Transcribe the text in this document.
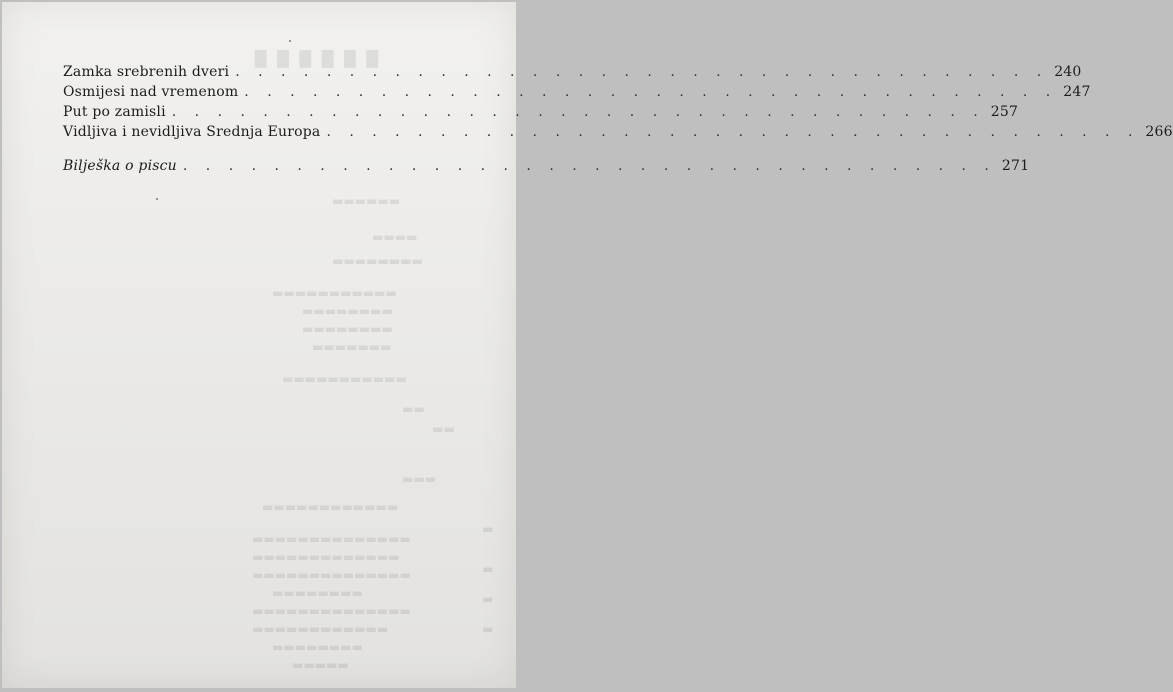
█ █ █ █ █ █
▬▬▬▬▬▬
▬▬▬▬
▬▬▬▬▬▬▬▬
▬▬▬▬▬▬▬▬▬▬▬
▬▬▬▬▬▬▬▬
▬▬▬▬▬▬▬▬
▬▬▬▬▬▬▬
▬▬▬▬▬▬▬▬▬▬▬
▬▬
▬▬
▬▬▬
▬▬▬▬▬▬▬▬▬▬▬▬
▬▬▬▬▬▬▬▬▬▬▬▬▬▬
▬▬▬▬▬▬▬▬▬▬▬▬▬
▬▬▬▬▬▬▬▬▬▬▬▬▬▬
▬▬▬▬▬▬▬▬
▬▬▬▬▬▬▬▬▬▬▬▬▬▬
▬▬▬▬▬▬▬▬▬▬▬▬
▬▬▬▬▬▬▬▬
▬▬▬▬▬
▬
▬
▬
▬
Zamka srebrenih dveri . . . . . . . . . . . . . . . . . . . . . . . . . . . . . . . . . . . . 240
Osmijesi nad vremenom . . . . . . . . . . . . . . . . . . . . . . . . . . . . . . . . . . . . 247
Put po zamisli . . . . . . . . . . . . . . . . . . . . . . . . . . . . . . . . . . . . 257
Vidljiva i nevidljiva Srednja Europa . . . . . . . . . . . . . . . . . . . . . . . . . . . . . . . . . . . . 266
Bilješka o piscu . . . . . . . . . . . . . . . . . . . . . . . . . . . . . . . . . . . . 271
